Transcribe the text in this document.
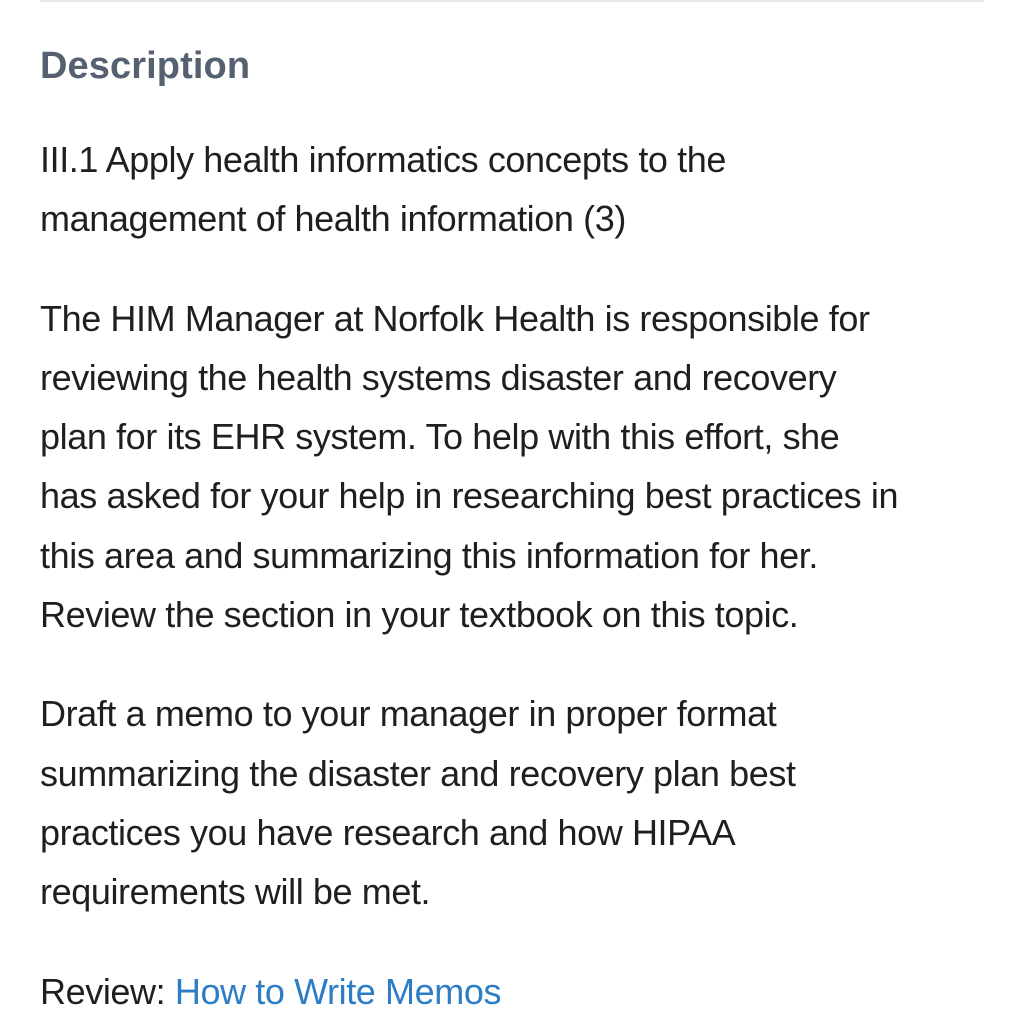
Description

III.1 Apply health informatics concepts to the
management of health information (3)

The HIM Manager at Norfolk Health is responsible for
reviewing the health systems disaster and recovery
plan for its EHR system. To help with this effort, she
has asked for your help in researching best practices in
this area and summarizing this information for her.
Review the section in your textbook on this topic.

Draft a memo to your manager in proper format
summarizing the disaster and recovery plan best
practices you have research and how HIPAA
requirements will be met.

Review: How to Write Memos
